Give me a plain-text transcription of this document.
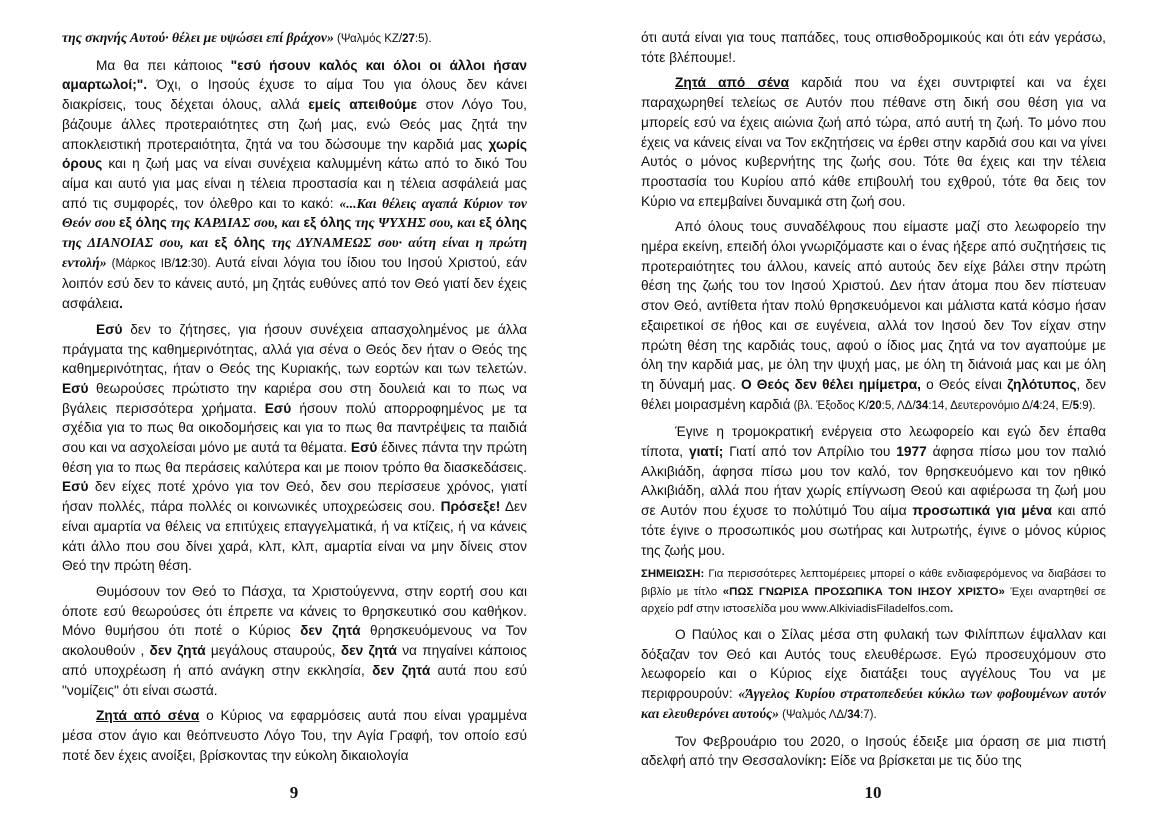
της σκηνής Αυτού· θέλει με υψώσει επί βράχον» (Ψαλμός ΚΖ/27:5).

Μα θα πει κάποιος "εσύ ήσουν καλός και όλοι οι άλλοι ήσαν αμαρτωλοί;". Όχι, ο Ιησούς έχυσε το αίμα Του για όλους δεν κάνει διακρίσεις, τους δέχεται όλους, αλλά εμείς απειθούμε στον Λόγο Του, βάζουμε άλλες προτεραιότητες στη ζωή μας, ενώ Θεός μας ζητά την αποκλειστική προτεραιότητα, ζητά να του δώσουμε την καρδιά μας χωρίς όρους και η ζωή μας να είναι συνέχεια καλυμμένη κάτω από το δικό Του αίμα και αυτό για μας είναι η τέλεια προστασία και η τέλεια ασφάλειά μας από τις συμφορές, τον όλεθρο και το κακό: «...Και θέλεις αγαπά Κύριον τον Θεόν σου εξ όλης της ΚΑΡΔΙΑΣ σου, και εξ όλης της ΨΥΧΗΣ σου, και εξ όλης της ΔΙΑΝΟΙΑΣ σου, και εξ όλης της ΔΥΝΑΜΕΩΣ σου· αύτη είναι η πρώτη εντολή» (Μάρκος ΙΒ/12:30). Αυτά είναι λόγια του ίδιου του Ιησού Χριστού, εάν λοιπόν εσύ δεν το κάνεις αυτό, μη ζητάς ευθύνες από τον Θεό γιατί δεν έχεις ασφάλεια.

Εσύ δεν το ζήτησες, για ήσουν συνέχεια απασχολημένος με άλλα πράγματα της καθημερινότητας, αλλά για σένα ο Θεός δεν ήταν ο Θεός της καθημερινότητας, ήταν ο Θεός της Κυριακής, των εορτών και των τελετών. Εσύ θεωρούσες πρώτιστο την καριέρα σου στη δουλειά και το πως να βγάλεις περισσότερα χρήματα. Εσύ ήσουν πολύ απορροφημένος με τα σχέδια για το πως θα οικοδομήσεις και για το πως θα παντρέψεις τα παιδιά σου και να ασχολείσαι μόνο με αυτά τα θέματα. Εσύ έδινες πάντα την πρώτη θέση για το πως θα περάσεις καλύτερα και με ποιον τρόπο θα διασκεδάσεις. Εσύ δεν είχες ποτέ χρόνο για τον Θεό, δεν σου περίσσευε χρόνος, γιατί ήσαν πολλές, πάρα πολλές οι κοινωνικές υποχρεώσεις σου. Πρόσεξε! Δεν είναι αμαρτία να θέλεις να επιτύχεις επαγγελματικά, ή να κτίζεις, ή να κάνεις κάτι άλλο που σου δίνει χαρά, κλπ, κλπ, αμαρτία είναι να μην δίνεις στον Θεό την πρώτη θέση.

Θυμόσουν τον Θεό το Πάσχα, τα Χριστούγεννα, στην εορτή σου και όποτε εσύ θεωρούσες ότι έπρεπε να κάνεις το θρησκευτικό σου καθήκον. Μόνο θυμήσου ότι ποτέ ο Κύριος δεν ζητά θρησκευόμενους να Τον ακολουθούν , δεν ζητά μεγάλους σταυρούς, δεν ζητά να πηγαίνει κάποιος από υποχρέωση ή από ανάγκη στην εκκλησία, δεν ζητά αυτά που εσύ "νομίζεις" ότι είναι σωστά.

Ζητά από σένα ο Κύριος να εφαρμόσεις αυτά που είναι γραμμένα μέσα στον άγιο και θεόπνευστο Λόγο Του, την Αγία Γραφή, τον οποίο εσύ ποτέ δεν έχεις ανοίξει, βρίσκοντας την εύκολη δικαιολογία

ότι αυτά είναι για τους παπάδες, τους οπισθοδρομικούς και ότι εάν γεράσω, τότε βλέπουμε!.

Ζητά από σένα καρδιά που να έχει συντριφτεί και να έχει παραχωρηθεί τελείως σε Αυτόν που πέθανε στη δική σου θέση για να μπορείς εσύ να έχεις αιώνια ζωή από τώρα, από αυτή τη ζωή. Το μόνο που έχεις να κάνεις είναι να Τον εκζητήσεις να έρθει στην καρδιά σου και να γίνει Αυτός ο μόνος κυβερνήτης της ζωής σου. Τότε θα έχεις και την τέλεια προστασία του Κυρίου από κάθε επιβουλή του εχθρού, τότε θα δεις τον Κύριο να επεμβαίνει δυναμικά στη ζωή σου.

Από όλους τους συναδέλφους που είμαστε μαζί στο λεωφορείο την ημέρα εκείνη, επειδή όλοι γνωριζόμαστε και ο ένας ήξερε από συζητήσεις τις προτεραιότητες του άλλου, κανείς από αυτούς δεν είχε βάλει στην πρώτη θέση της ζωής του τον Ιησού Χριστού. Δεν ήταν άτομα που δεν πίστευαν στον Θεό, αντίθετα ήταν πολύ θρησκευόμενοι και μάλιστα κατά κόσμο ήσαν εξαιρετικοί σε ήθος και σε ευγένεια, αλλά τον Ιησού δεν Τον είχαν στην πρώτη θέση της καρδιάς τους, αφού ο ίδιος μας ζητά να τον αγαπούμε με όλη την καρδιά μας, με όλη την ψυχή μας, με όλη τη διάνοιά μας και με όλη τη δύναμή μας. Ο Θεός δεν θέλει ημίμετρα, ο Θεός είναι ζηλότυπος, δεν θέλει μοιρασμένη καρδιά (βλ. Έξοδος Κ/20:5, ΛΔ/34:14, Δευτερονόμιο Δ/4:24, Ε/5:9).

Έγινε η τρομοκρατική ενέργεια στο λεωφορείο και εγώ δεν έπαθα τίποτα, γιατί; Γιατί από τον Απρίλιο του 1977 άφησα πίσω μου τον παλιό Αλκιβιάδη, άφησα πίσω μου τον καλό, τον θρησκευόμενο και τον ηθικό Αλκιβιάδη, αλλά που ήταν χωρίς επίγνωση Θεού και αφιέρωσα τη ζωή μου σε Αυτόν που έχυσε το πολύτιμό Του αίμα προσωπικά για μένα και από τότε έγινε ο προσωπικός μου σωτήρας και λυτρωτής, έγινε ο μόνος κύριος της ζωής μου.

ΣΗΜΕΙΩΣΗ: Για περισσότερες λεπτομέρειες μπορεί ο κάθε ενδιαφερόμενος να διαβάσει το βιβλίο με τίτλο «ΠΩΣ ΓΝΩΡΙΣΑ ΠΡΟΣΩΠΙΚΑ ΤΟΝ ΙΗΣΟΥ ΧΡΙΣΤΟ» Έχει αναρτηθεί σε αρχείο pdf στην ιστοσελίδα μου www.AlkiviadisFiladelfos.com.

Ο Παύλος και ο Σίλας μέσα στη φυλακή των Φιλίππων έψαλλαν και δόξαζαν τον Θεό και Αυτός τους ελευθέρωσε. Εγώ προσευχόμουν στο λεωφορείο και ο Κύριος είχε διατάξει τους αγγέλους Του να με περιφρουρούν: «Άγγελος Κυρίου στρατοπεδεύει κύκλω των φοβουμένων αυτόν και ελευθερόνει αυτούς» (Ψαλμός ΛΔ/34:7).

Τον Φεβρουάριο του 2020, ο Ιησούς έδειξε μια όραση σε μια πιστή αδελφή από την Θεσσαλονίκη: Είδε να βρίσκεται με τις δύο της

9	10
